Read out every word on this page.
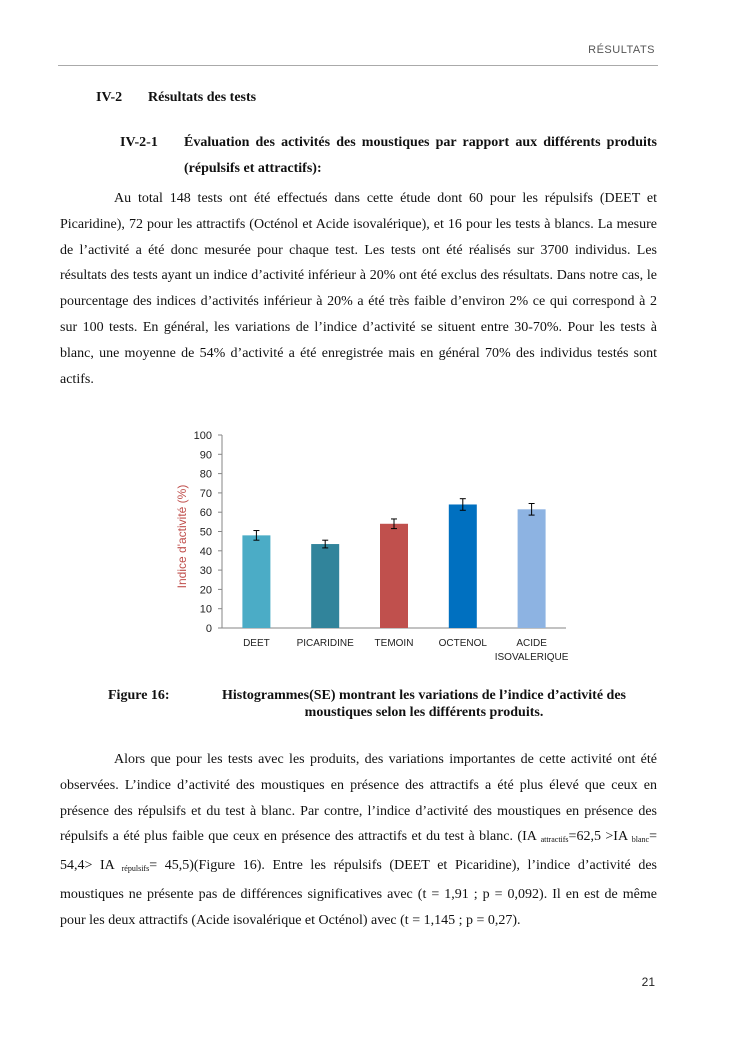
RÉSULTATS
IV-2 Résultats des tests
IV-2-1 Évaluation des activités des moustiques par rapport aux différents produits (répulsifs et attractifs):

Au total 148 tests ont été effectués dans cette étude dont 60 pour les répulsifs (DEET et Picaridine), 72 pour les attractifs (Octénol et Acide isovalérique), et 16 pour les tests à blancs. La mesure de l’activité a été donc mesurée pour chaque test. Les tests ont été réalisés sur 3700 individus. Les résultats des tests ayant un indice d’activité inférieur à 20% ont été exclus des résultats. Dans notre cas, le pourcentage des indices d’activités inférieur à 20% a été très faible d’environ 2% ce qui correspond à 2 sur 100 tests. En général, les variations de l’indice d’activité se situent entre 30-70%. Pour les tests à blanc, une moyenne de 54% d’activité a été enregistrée mais en général 70% des individus testés sont actifs.

0
10
20
30
40
50
60
70
80
90
100
Indice d'activité (%)
DEET	PICARIDINE TEMOIN	OCTENOL	ACIDE
ISOVALERIQUE
Figure 16:	Histogrammes(SE) montrant les variations de l’indice d’activité des moustiques selon les différents produits.

Alors que pour les tests avec les produits, des variations importantes de cette activité ont été observées. L’indice d’activité des moustiques en présence des attractifs a été plus élevé que ceux en présence des répulsifs et du test à blanc. Par contre, l’indice d’activité des moustiques en présence des répulsifs a été plus faible que ceux en présence des attractifs et du test à blanc. (IA $_{attractifs}$=62,5 >IA $_{blanc}$= 54,4> IA $_{répulsifs}$= 45,5)(Figure 16). Entre les répulsifs (DEET et Picaridine), l’indice d’activité des moustiques ne présente pas de différences significatives avec (t = 1,91 ; p = 0,092). Il en est de même pour les deux attractifs (Acide isovalérique et Octénol) avec (t = 1,145 ; p = 0,27).

21
